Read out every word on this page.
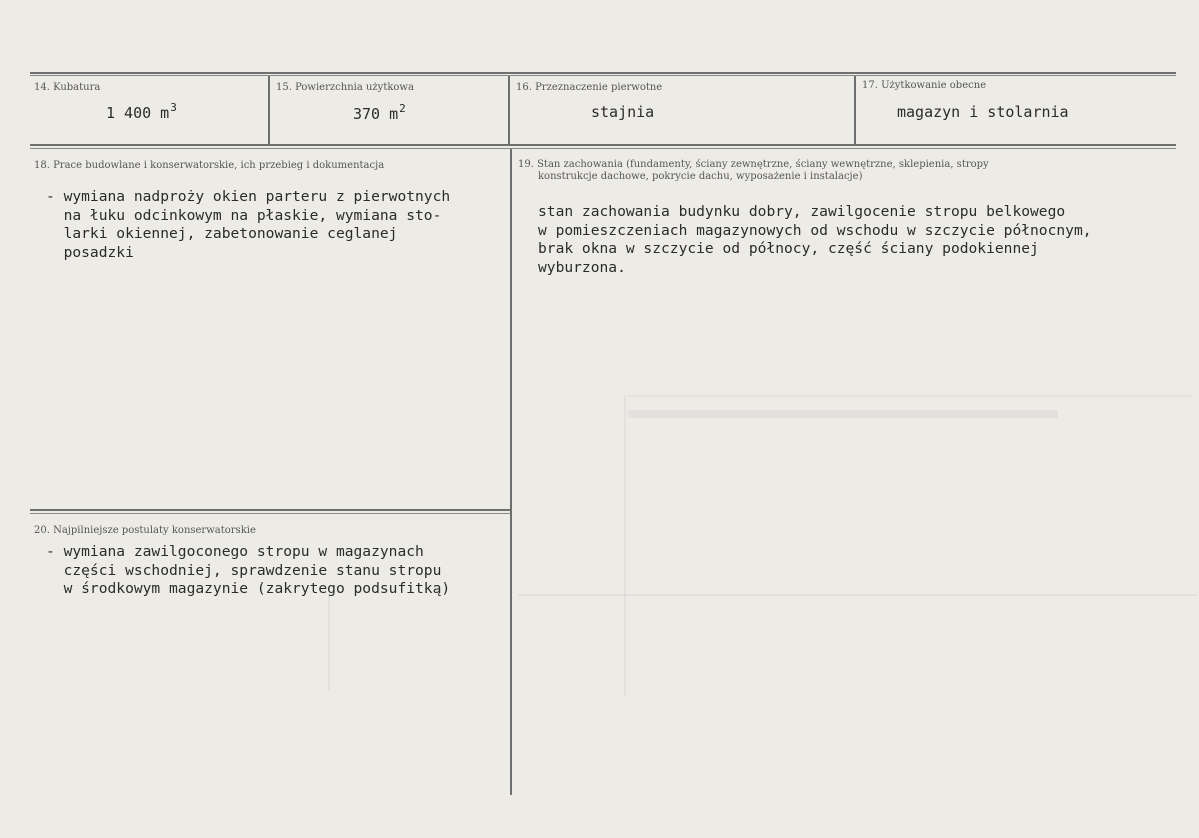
14. Kubatura
1 400 $m^3$
15. Powierzchnia użytkowa
370 $m^2$
16. Przeznaczenie pierwotne
stajnia
17. Użytkowanie obecne
magazyn i stolarnia
18. Prace budowlane i konserwatorskie, ich przebieg i dokumentacja
- wymiana nadproży okien parteru z pierwotnych
na łuku odcinkowym na płaskie, wymiana sto-
larki okiennej, zabetonowanie ceglanej
posadzki
19. Stan zachowania (fundamenty, ściany zewnętrzne, ściany wewnętrzne, sklepienia, stropy
konstrukcje dachowe, pokrycie dachu, wyposażenie i instalacje)
stan zachowania budynku dobry, zawilgocenie stropu belkowego
w pomieszczeniach magazynowych od wschodu w szczycie północnym,
brak okna w szczycie od północy, część ściany podokiennej
wyburzona.
20. Najpilniejsze postulaty konserwatorskie
- wymiana zawilgoconego stropu w magazynach
części wschodniej, sprawdzenie stanu stropu
w środkowym magazynie (zakrytego podsufitką)
